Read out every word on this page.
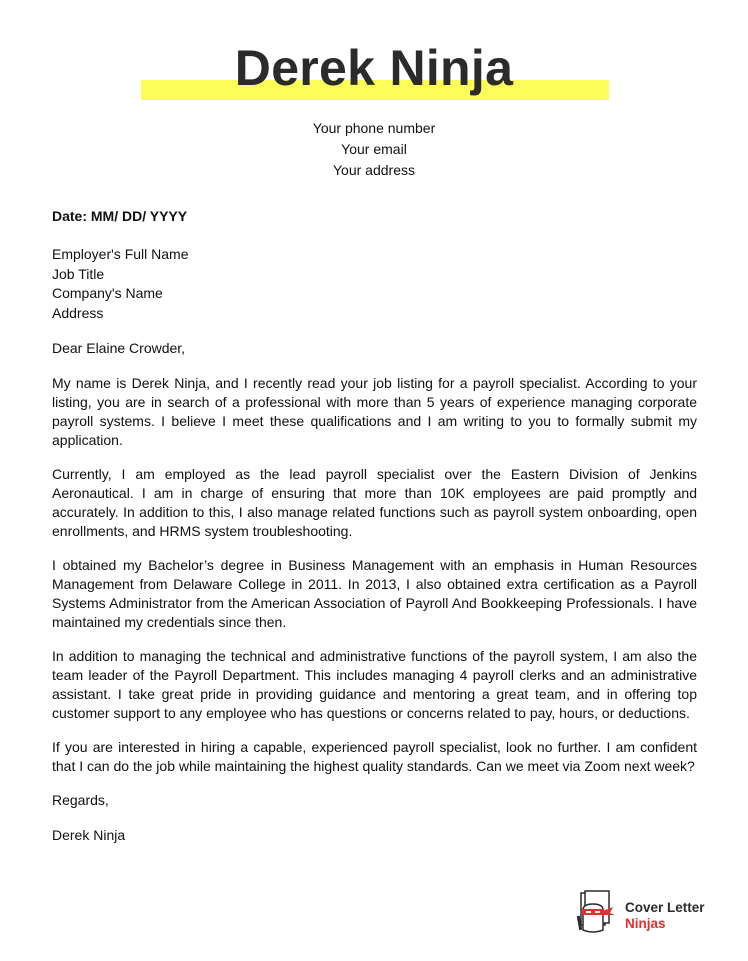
Derek Ninja
Your phone number
Your email
Your address
Date: MM/ DD/ YYYY
Employer's Full Name
Job Title
Company's Name
Address
Dear Elaine Crowder,

My name is Derek Ninja, and I recently read your job listing for a payroll specialist. According to your listing, you are in search of a professional with more than 5 years of experience managing corporate payroll systems. I believe I meet these qualifications and I am writing to you to formally submit my application.

Currently, I am employed as the lead payroll specialist over the Eastern Division of Jenkins Aeronautical. I am in charge of ensuring that more than 10K employees are paid promptly and accurately. In addition to this, I also manage related functions such as payroll system onboarding, open enrollments, and HRMS system troubleshooting.

I obtained my Bachelor’s degree in Business Management with an emphasis in Human Resources Management from Delaware College in 2011. In 2013, I also obtained extra certification as a Payroll Systems Administrator from the American Association of Payroll And Bookkeeping Professionals. I have maintained my credentials since then.

In addition to managing the technical and administrative functions of the payroll system, I am also the team leader of the Payroll Department. This includes managing 4 payroll clerks and an administrative assistant. I take great pride in providing guidance and mentoring a great team, and in offering top customer support to any employee who has questions or concerns related to pay, hours, or deductions.

If you are interested in hiring a capable, experienced payroll specialist, look no further. I am confident that I can do the job while maintaining the highest quality standards. Can we meet via Zoom next week?

Regards,
Derek Ninja
Cover Letter
Ninjas
